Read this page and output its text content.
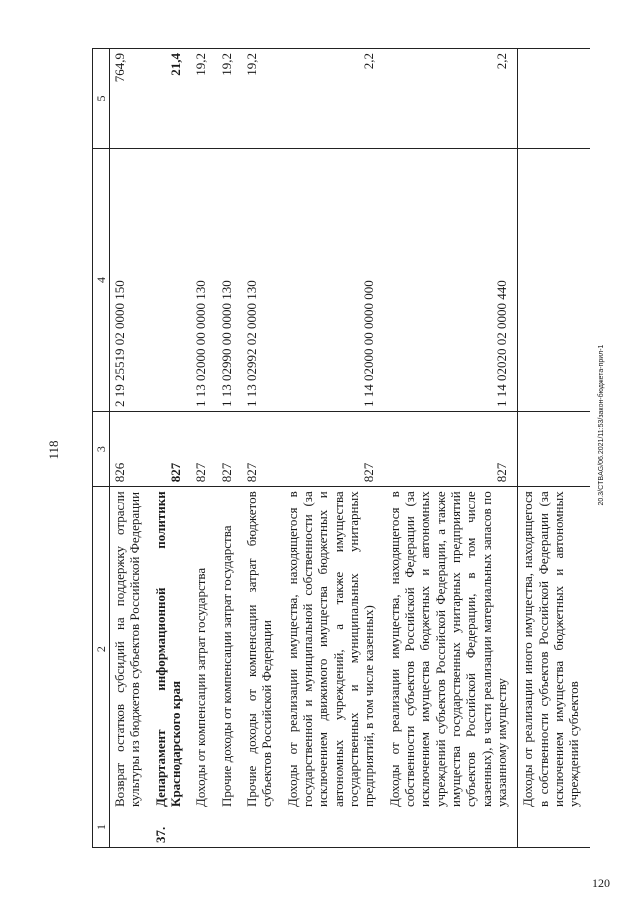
118
1	2	3	4	5
	Возврат остатков субсидий на поддержку отрасли культуры из бюджетов субъектов Российской Федерации	826	2 19 25519 02 0000 150	764,9
37.	Департамент информационной политики Краснодарского края	827		21,4
	Доходы от компенсации затрат государства	827	1 13 02000 00 0000 130	19,2
	Прочие доходы от компенсации затрат государства	827	1 13 02990 00 0000 130	19,2
	Прочие доходы от компенсации затрат бюджетов субъектов Российской Федерации	827	1 13 02992 02 0000 130	19,2
	Доходы от реализации имущества, находящегося в государственной и муниципальной собственности (за исключением движимого имущества бюджетных и автономных учреждений, а также имущества государственных и муниципальных унитарных предприятий, в том числе казенных)	827	1 14 02000 00 0000 000	2,2
	Доходы от реализации имущества, находящегося в собственности субъектов Российской Федерации (за исключением имущества бюджетных и автономных учреждений субъектов Российской Федерации, а также имущества государственных унитарных предприятий субъектов Российской Федерации, в том числе казенных), в части реализации материальных запасов по указанному имуществу	827	1 14 02020 02 0000 440	2,2
	Доходы от реализации иного имущества, находящегося в собственности субъектов Российской Федерации (за исключением имущества бюджетных и автономных учреждений субъектов			
20.3/CTBAG/06.2021/11:53/закон-бюджета-прил-1
120
